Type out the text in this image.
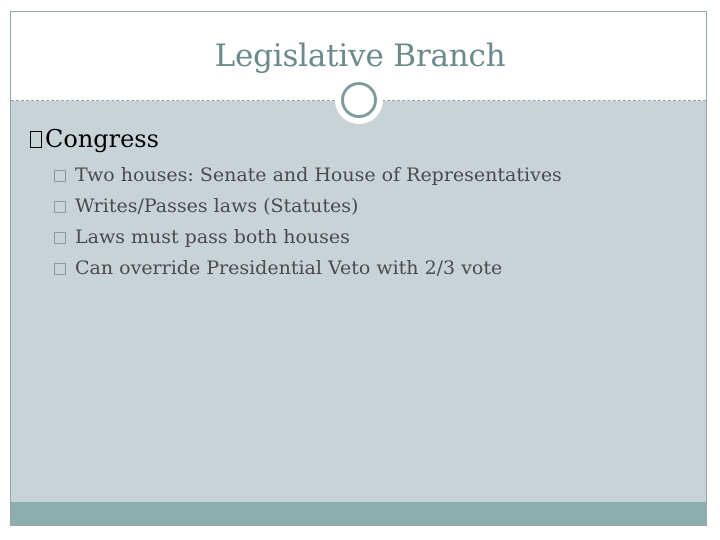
Legislative Branch
Congress
Two houses: Senate and House of Representatives
Writes/Passes laws (Statutes)
Laws must pass both houses
Can override Presidential Veto with 2/3 vote
